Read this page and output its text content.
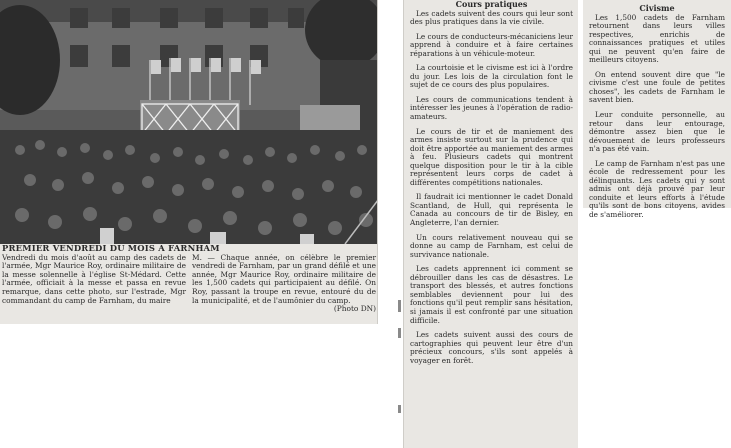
PREMIER VENDREDI DU MOIS A FARNHAM

Vendredi du mois d'août au camp des cadets de l'armée, Mgr Maurice Roy, ordinaire militaire de la messe solennelle à l'église St-Médard. Cette l'armée, officiait à la messe et passa en revue remarque, dans cette photo, sur l'estrade, Mgr commandant du camp de Farnham, du maire

M. — Chaque année, on célèbre le premier vendredi de Farnham, par un grand défilé et une année, Mgr Maurice Roy, ordinaire militaire de les 1,500 cadets qui participaient au défilé. On Roy, passant la troupe en revue, entouré du de la municipalité, et de l'aumônier du camp.

(Photo DN)

Cours pratiques

Les cadets suivent des cours qui leur sont des plus pratiques dans la vie civile.

Le cours de conducteurs-mécaniciens leur apprend à conduire et à faire certaines réparations à un véhicule-moteur.

La courtoisie et le civisme est ici à l'ordre du jour. Les lois de la circulation font le sujet de ce cours des plus populaires.

Les cours de communications tendent à intéresser les jeunes à l'opération de radio-amateurs.

Le cours de tir et de maniement des armes insiste surtout sur la prudence qui doit être apportée au maniement des armes à feu. Plusieurs cadets qui montrent quelque disposition pour le tir à la cible représentent leurs corps de cadet à différentes compétitions nationales.

Il faudrait ici mentionner le cadet Donald Scantland, de Hull, qui représenta le Canada au concours de tir de Bisley, en Angleterre, l'an dernier.

Un cours relativement nouveau qui se donne au camp de Farnham, est celui de survivance nationale.

Les cadets apprennent ici comment se débrouiller dans les cas de désastres. Le transport des blessés, et autres fonctions semblables deviennent pour lui des fonctions qu'il peut remplir sans hésitation, si jamais il est confronté par une situation difficile.

Les cadets suivent aussi des cours de cartographies qui peuvent leur être d'un précieux concours, s'ils sont appelés à voyager en forêt.

Civisme

Les 1,500 cadets de Farnham retournent dans leurs villes respectives, enrichis de connaissances pratiques et utiles qui ne peuvent qu'en faire de meilleurs citoyens.

On entend souvent dire que "le civisme c'est une foule de petites choses", les cadets de Farnham le savent bien.

Leur conduite personnelle, au retour dans leur entourage, démontre assez bien que le dévouement de leurs professeurs n'a pas été vain.

Le camp de Farnham n'est pas une école de redressement pour les délinquants. Les cadets qui y sont admis ont déjà prouvé par leur conduite et leurs efforts à l'étude qu'ils sont de bons citoyens, avides de s'améliorer.
